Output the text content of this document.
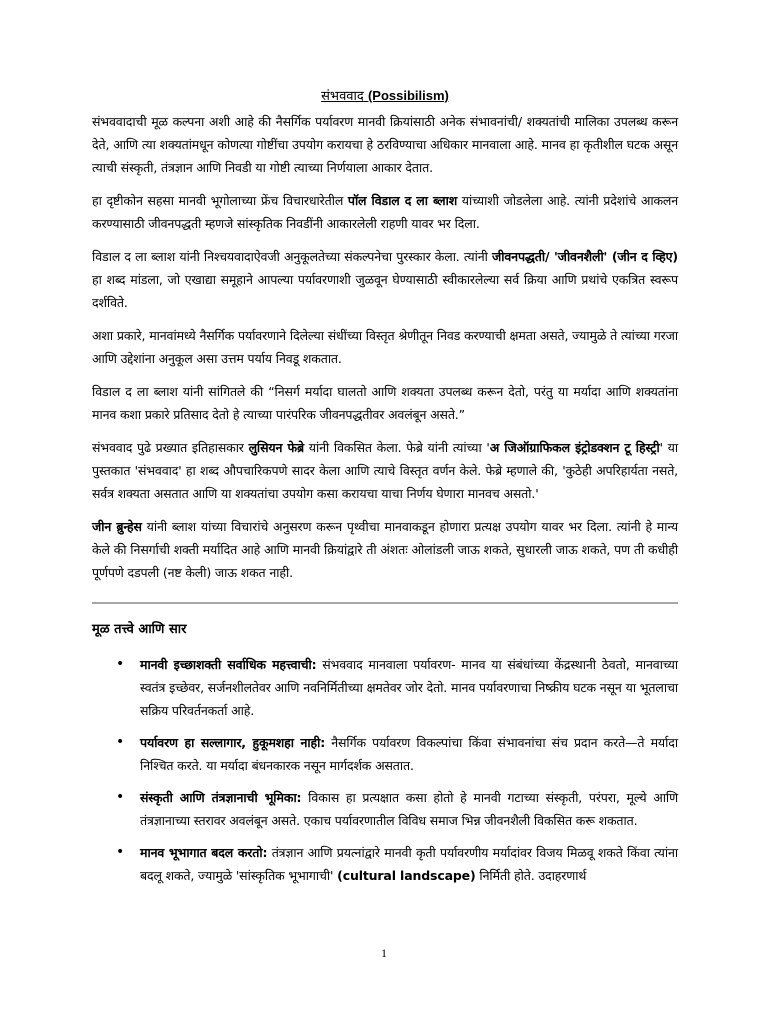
संभववाद (Possibilism)

संभववादाची मूळ कल्पना अशी आहे की नैसर्गिक पर्यावरण मानवी क्रियांसाठी अनेक संभावनांची/ शक्यतांची मालिका उपलब्ध करून देते, आणि त्या शक्यतांमधून कोणत्या गोष्टींचा उपयोग करायचा हे ठरविण्याचा अधिकार मानवाला आहे. मानव हा कृतीशील घटक असून त्याची संस्कृती, तंत्रज्ञान आणि निवडी या गोष्टी त्याच्या निर्णयाला आकार देतात.

हा दृष्टीकोन सहसा मानवी भूगोलाच्या फ्रेंच विचारधारेतील पॉल विडाल द ला ब्लाश यांच्याशी जोडलेला आहे. त्यांनी प्रदेशांचे आकलन करण्यासाठी जीवनपद्धती म्हणजे सांस्कृतिक निवडींनी आकारलेली राहणी यावर भर दिला.

विडाल द ला ब्लाश यांनी निश्चयवादाऐवजी अनुकूलतेच्या संकल्पनेचा पुरस्कार केला. त्यांनी जीवनपद्धती/ 'जीवनशैली' (जीन द व्हिए) हा शब्द मांडला, जो एखाद्या समूहाने आपल्या पर्यावरणाशी जुळवून घेण्यासाठी स्वीकारलेल्या सर्व क्रिया आणि प्रथांचे एकत्रित स्वरूप दर्शविते.

अशा प्रकारे, मानवांमध्ये नैसर्गिक पर्यावरणाने दिलेल्या संधींच्या विस्तृत श्रेणीतून निवड करण्याची क्षमता असते, ज्यामुळे ते त्यांच्या गरजा आणि उद्देशांना अनुकूल असा उत्तम पर्याय निवडू शकतात.

विडाल द ला ब्लाश यांनी सांगितले की “निसर्ग मर्यादा घालतो आणि शक्यता उपलब्ध करून देतो, परंतु या मर्यादा आणि शक्यतांना मानव कशा प्रकारे प्रतिसाद देतो हे त्याच्या पारंपरिक जीवनपद्धतीवर अवलंबून असते.”

संभववाद पुढे प्रख्यात इतिहासकार लुसियन फेब्रे यांनी विकसित केला. फेब्रे यांनी त्यांच्या 'अ जिऑग्राफिकल इंट्रोडक्शन टू हिस्ट्री' या पुस्तकात 'संभववाद' हा शब्द औपचारिकपणे सादर केला आणि त्याचे विस्तृत वर्णन केले. फेब्रे म्हणाले की, 'कुठेही अपरिहार्यता नसते, सर्वत्र शक्यता असतात आणि या शक्यतांचा उपयोग कसा करायचा याचा निर्णय घेणारा मानवच असतो.'

जीन ब्रुन्हेस यांनी ब्लाश यांच्या विचारांचे अनुसरण करून पृथ्वीचा मानवाकडून होणारा प्रत्यक्ष उपयोग यावर भर दिला. त्यांनी हे मान्य केले की निसर्गाची शक्ती मर्यादित आहे आणि मानवी क्रियांद्वारे ती अंशतः ओलांडली जाऊ शकते, सुधारली जाऊ शकते, पण ती कधीही पूर्णपणे दडपली (नष्ट केली) जाऊ शकत नाही.

मूळ तत्त्वे आणि सार
• मानवी इच्छाशक्ती सर्वाधिक महत्त्वाची: संभववाद मानवाला पर्यावरण- मानव या संबंधांच्या केंद्रस्थानी ठेवतो, मानवाच्या स्वतंत्र इच्छेवर, सर्जनशीलतेवर आणि नवनिर्मितीच्या क्षमतेवर जोर देतो. मानव पर्यावरणाचा निष्क्रीय घटक नसून या भूतलाचा सक्रिय परिवर्तनकर्ता आहे.
• पर्यावरण हा सल्लागार, हुकूमशहा नाही: नैसर्गिक पर्यावरण विकल्पांचा किंवा संभावनांचा संच प्रदान करते—ते मर्यादा निश्चित करते. या मर्यादा बंधनकारक नसून मार्गदर्शक असतात.
• संस्कृती आणि तंत्रज्ञानाची भूमिका: विकास हा प्रत्यक्षात कसा होतो हे मानवी गटाच्या संस्कृती, परंपरा, मूल्ये आणि तंत्रज्ञानाच्या स्तरावर अवलंबून असते. एकाच पर्यावरणातील विविध समाज भिन्न जीवनशैली विकसित करू शकतात.
• मानव भूभागात बदल करतो: तंत्रज्ञान आणि प्रयत्नांद्वारे मानवी कृती पर्यावरणीय मर्यादांवर विजय मिळवू शकते किंवा त्यांना बदलू शकते, ज्यामुळे 'सांस्कृतिक भूभागाची' (cultural landscape) निर्मिती होते. उदाहरणार्थ
1
